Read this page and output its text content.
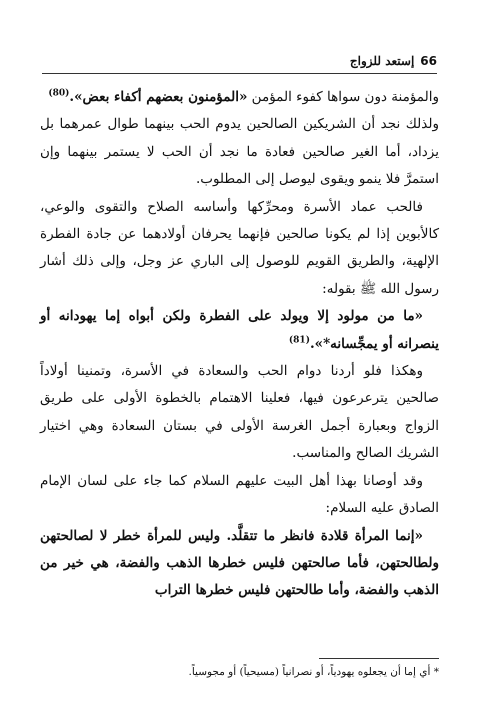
66
إستعد للزواج

والمؤمنة دون سواها كفوء المؤمن «المؤمنون بعضهم أكفاء بعض».$^{(80)}$

ولذلك نجد أن الشريكين الصالحين يدوم الحب بينهما طوال عمرهما بل يزداد، أما الغير صالحين فعادة ما نجد أن الحب لا يستمر بينهما وإن استمرَّ فلا ينمو ويقوى ليوصل إلى المطلوب.

فالحب عماد الأسرة ومحرِّكها وأساسه الصلاح والتقوى والوعي، كالأبوين إذا لم يكونا صالحين فإنهما يحرفان أولادهما عن جادة الفطرة الإلهية، والطريق القويم للوصول إلى الباري عز وجل، وإلى ذلك أشار رسول الله ﷺ بقوله:

«ما من مولود إلا ويولد على الفطرة ولكن أبواه إما يهودانه أو ينصرانه أو يمجِّسانه*».$^{(81)}$

وهكذا فلو أردنا دوام الحب والسعادة في الأسرة، وتمنينا أولاداً صالحين يترعرعون فيها، فعلينا الاهتمام بالخطوة الأولى على طريق الزواج وبعبارة أجمل الغرسة الأولى في بستان السعادة وهي اختيار الشريك الصالح والمناسب.

وقد أوصانا بهذا أهل البيت عليهم السلام كما جاء على لسان الإمام الصادق عليه السلام:

«إنما المرأة قلادة فانظر ما تتقلَّد. وليس للمرأة خطر لا لصالحتهن ولطالحتهن، فأما صالحتهن فليس خطرها الذهب والفضة، هي خير من الذهب والفضة، وأما طالحتهن فليس خطرها التراب

* أي إما أن يجعلوه يهودياً، أو نصرانياً (مسيحياً) أو مجوسياً.
